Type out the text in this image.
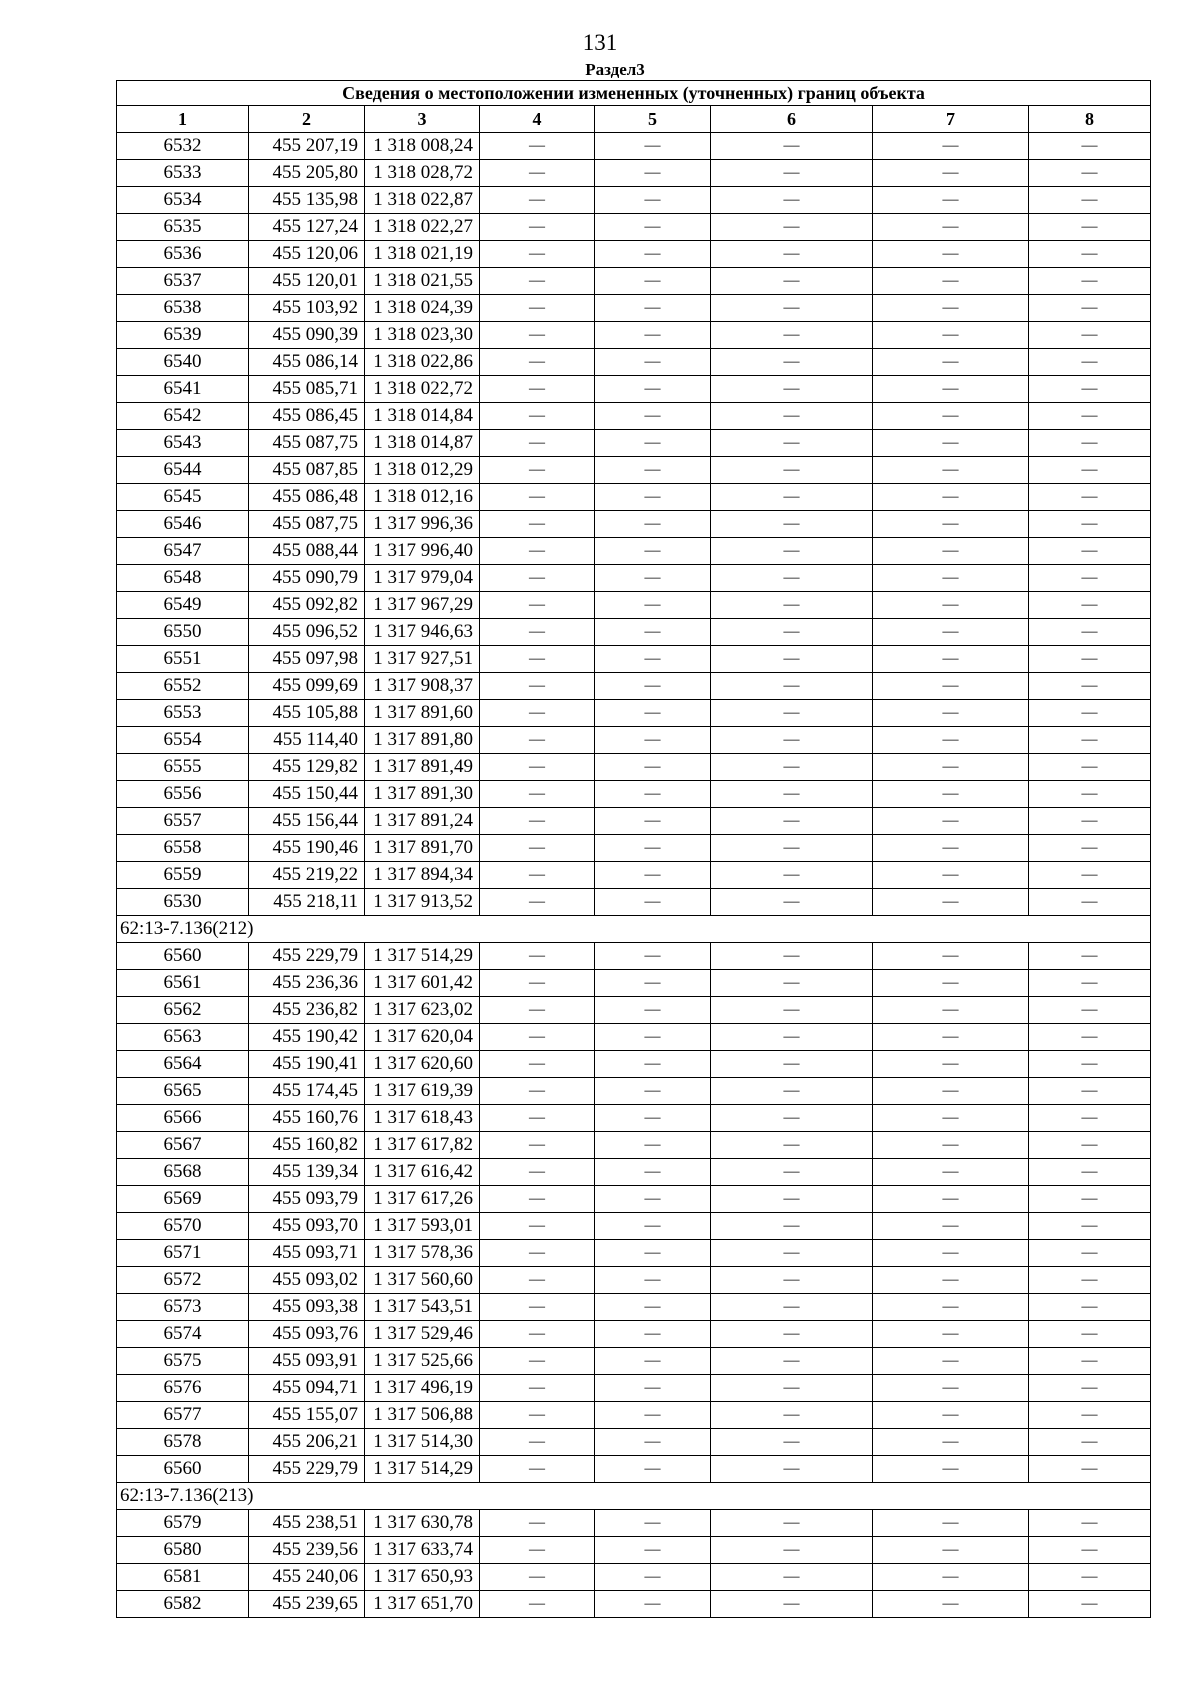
131
Раздел3
Сведения о местоположении измененных (уточненных) границ объекта							
1	2	3	4	5	6	7	8
6532	455 207,19	1 318 008,24	—	—	—	—	—
6533	455 205,80	1 318 028,72	—	—	—	—	—
6534	455 135,98	1 318 022,87	—	—	—	—	—
6535	455 127,24	1 318 022,27	—	—	—	—	—
6536	455 120,06	1 318 021,19	—	—	—	—	—
6537	455 120,01	1 318 021,55	—	—	—	—	—
6538	455 103,92	1 318 024,39	—	—	—	—	—
6539	455 090,39	1 318 023,30	—	—	—	—	—
6540	455 086,14	1 318 022,86	—	—	—	—	—
6541	455 085,71	1 318 022,72	—	—	—	—	—
6542	455 086,45	1 318 014,84	—	—	—	—	—
6543	455 087,75	1 318 014,87	—	—	—	—	—
6544	455 087,85	1 318 012,29	—	—	—	—	—
6545	455 086,48	1 318 012,16	—	—	—	—	—
6546	455 087,75	1 317 996,36	—	—	—	—	—
6547	455 088,44	1 317 996,40	—	—	—	—	—
6548	455 090,79	1 317 979,04	—	—	—	—	—
6549	455 092,82	1 317 967,29	—	—	—	—	—
6550	455 096,52	1 317 946,63	—	—	—	—	—
6551	455 097,98	1 317 927,51	—	—	—	—	—
6552	455 099,69	1 317 908,37	—	—	—	—	—
6553	455 105,88	1 317 891,60	—	—	—	—	—
6554	455 114,40	1 317 891,80	—	—	—	—	—
6555	455 129,82	1 317 891,49	—	—	—	—	—
6556	455 150,44	1 317 891,30	—	—	—	—	—
6557	455 156,44	1 317 891,24	—	—	—	—	—
6558	455 190,46	1 317 891,70	—	—	—	—	—
6559	455 219,22	1 317 894,34	—	—	—	—	—
6530	455 218,11	1 317 913,52	—	—	—	—	—
62:13-7.136(212)							
6560	455 229,79	1 317 514,29	—	—	—	—	—
6561	455 236,36	1 317 601,42	—	—	—	—	—
6562	455 236,82	1 317 623,02	—	—	—	—	—
6563	455 190,42	1 317 620,04	—	—	—	—	—
6564	455 190,41	1 317 620,60	—	—	—	—	—
6565	455 174,45	1 317 619,39	—	—	—	—	—
6566	455 160,76	1 317 618,43	—	—	—	—	—
6567	455 160,82	1 317 617,82	—	—	—	—	—
6568	455 139,34	1 317 616,42	—	—	—	—	—
6569	455 093,79	1 317 617,26	—	—	—	—	—
6570	455 093,70	1 317 593,01	—	—	—	—	—
6571	455 093,71	1 317 578,36	—	—	—	—	—
6572	455 093,02	1 317 560,60	—	—	—	—	—
6573	455 093,38	1 317 543,51	—	—	—	—	—
6574	455 093,76	1 317 529,46	—	—	—	—	—
6575	455 093,91	1 317 525,66	—	—	—	—	—
6576	455 094,71	1 317 496,19	—	—	—	—	—
6577	455 155,07	1 317 506,88	—	—	—	—	—
6578	455 206,21	1 317 514,30	—	—	—	—	—
6560	455 229,79	1 317 514,29	—	—	—	—	—
62:13-7.136(213)							
6579	455 238,51	1 317 630,78	—	—	—	—	—
6580	455 239,56	1 317 633,74	—	—	—	—	—
6581	455 240,06	1 317 650,93	—	—	—	—	—
6582	455 239,65	1 317 651,70	—	—	—	—	—
